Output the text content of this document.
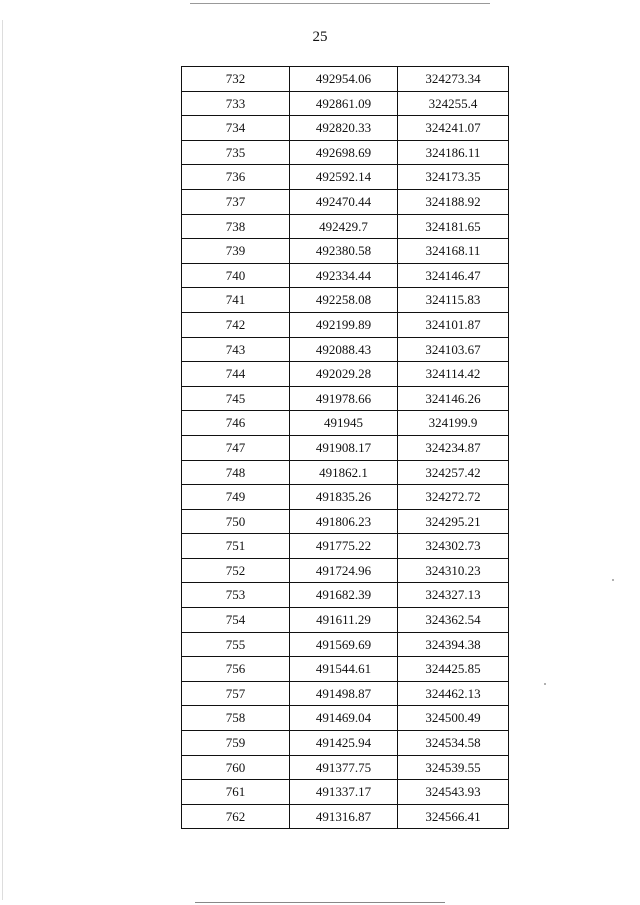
25
732	492954.06	324273.34
733	492861.09	324255.4
734	492820.33	324241.07
735	492698.69	324186.11
736	492592.14	324173.35
737	492470.44	324188.92
738	492429.7	324181.65
739	492380.58	324168.11
740	492334.44	324146.47
741	492258.08	324115.83
742	492199.89	324101.87
743	492088.43	324103.67
744	492029.28	324114.42
745	491978.66	324146.26
746	491945	324199.9
747	491908.17	324234.87
748	491862.1	324257.42
749	491835.26	324272.72
750	491806.23	324295.21
751	491775.22	324302.73
752	491724.96	324310.23
753	491682.39	324327.13
754	491611.29	324362.54
755	491569.69	324394.38
756	491544.61	324425.85
757	491498.87	324462.13
758	491469.04	324500.49
759	491425.94	324534.58
760	491377.75	324539.55
761	491337.17	324543.93
762	491316.87	324566.41
